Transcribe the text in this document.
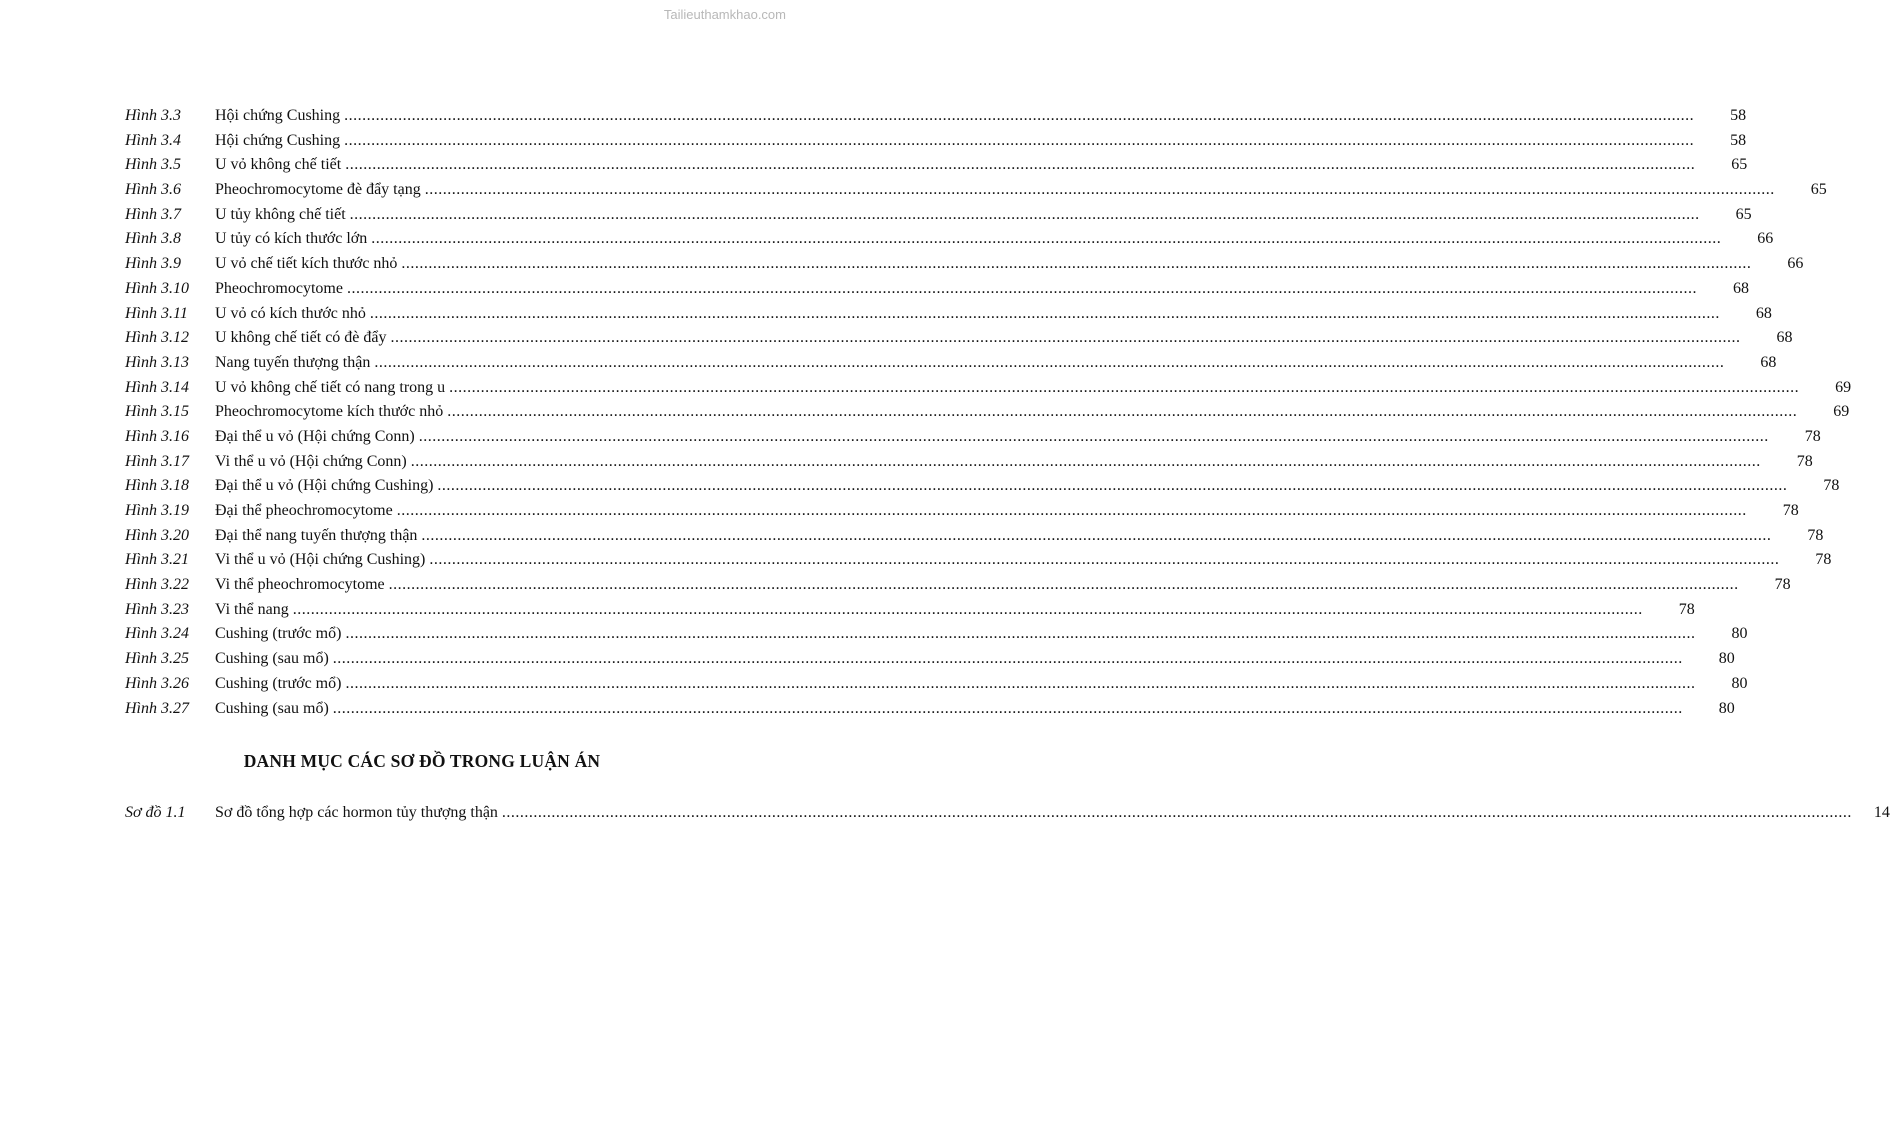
Tailieuthamkhao.com
Hình 3.3	Hội chứng Cushing ............................................................................................................................................................................................................................................................................................................	58
Hình 3.4	Hội chứng Cushing ............................................................................................................................................................................................................................................................................................................	58
Hình 3.5	U vỏ không chế tiết ............................................................................................................................................................................................................................................................................................................	65
Hình 3.6	Pheochromocytome đè đẩy tạng ............................................................................................................................................................................................................................................................................................................	65
Hình 3.7	U tủy không chế tiết ............................................................................................................................................................................................................................................................................................................	65
Hình 3.8	U tủy có kích thước lớn ............................................................................................................................................................................................................................................................................................................	66
Hình 3.9	U vỏ chế tiết kích thước nhỏ ............................................................................................................................................................................................................................................................................................................	66
Hình 3.10	Pheochromocytome ............................................................................................................................................................................................................................................................................................................	68
Hình 3.11	U vỏ có kích thước nhỏ ............................................................................................................................................................................................................................................................................................................	68
Hình 3.12	U không chế tiết có đè đẩy ............................................................................................................................................................................................................................................................................................................	68
Hình 3.13	Nang tuyến thượng thận ............................................................................................................................................................................................................................................................................................................	68
Hình 3.14	U vỏ không chế tiết có nang trong u ............................................................................................................................................................................................................................................................................................................	69
Hình 3.15	Pheochromocytome kích thước nhỏ ............................................................................................................................................................................................................................................................................................................	69
Hình 3.16	Đại thể u vỏ (Hội chứng Conn) ............................................................................................................................................................................................................................................................................................................	78
Hình 3.17	Vi thể u vỏ (Hội chứng Conn) ............................................................................................................................................................................................................................................................................................................	78
Hình 3.18	Đại thể u vỏ (Hội chứng Cushing) ............................................................................................................................................................................................................................................................................................................	78
Hình 3.19	Đại thể pheochromocytome ............................................................................................................................................................................................................................................................................................................	78
Hình 3.20	Đại thể nang tuyến thượng thận ............................................................................................................................................................................................................................................................................................................	78
Hình 3.21	Vi thể u vỏ (Hội chứng Cushing) ............................................................................................................................................................................................................................................................................................................	78
Hình 3.22	Vi thể pheochromocytome ............................................................................................................................................................................................................................................................................................................	78
Hình 3.23	Vi thể nang ............................................................................................................................................................................................................................................................................................................	78
Hình 3.24	Cushing (trước mổ) ............................................................................................................................................................................................................................................................................................................	80
Hình 3.25	Cushing (sau mổ) ............................................................................................................................................................................................................................................................................................................	80
Hình 3.26	Cushing (trước mổ) ............................................................................................................................................................................................................................................................................................................	80
Hình 3.27	Cushing (sau mổ) ............................................................................................................................................................................................................................................................................................................	80
DANH MỤC CÁC SƠ ĐỒ TRONG LUẬN ÁN
Sơ đồ 1.1	Sơ đồ tổng hợp các hormon tủy thượng thận ............................................................................................................................................................................................................................................................................................................ 14
